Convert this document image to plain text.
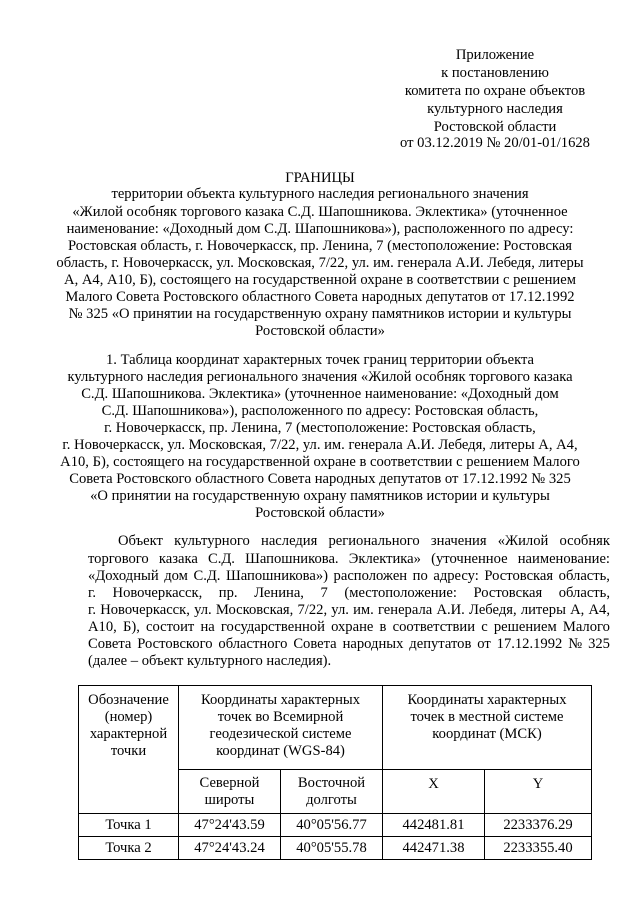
Приложение
к постановлению
комитета по охране объектов
культурного наследия
Ростовской области
от 03.12.2019 № 20/01-01/1628
ГРАНИЦЫ
территории объекта культурного наследия регионального значения
«Жилой особняк торгового казака С.Д. Шапошникова. Эклектика» (уточненное
наименование: «Доходный дом С.Д. Шапошникова»), расположенного по адресу:
Ростовская область, г. Новочеркасск, пр. Ленина, 7 (местоположение: Ростовская
область, г. Новочеркасск, ул. Московская, 7/22, ул. им. генерала А.И. Лебедя, литеры
А, А4, А10, Б), состоящего на государственной охране в соответствии с решением
Малого Совета Ростовского областного Совета народных депутатов от 17.12.1992
№ 325 «О принятии на государственную охрану памятников истории и культуры
Ростовской области»
1. Таблица координат характерных точек границ территории объекта
культурного наследия регионального значения «Жилой особняк торгового казака
С.Д. Шапошникова. Эклектика» (уточненное наименование: «Доходный дом
С.Д. Шапошникова»), расположенного по адресу: Ростовская область,
г. Новочеркасск, пр. Ленина, 7 (местоположение: Ростовская область,
г. Новочеркасск, ул. Московская, 7/22, ул. им. генерала А.И. Лебедя, литеры А, А4,
А10, Б), состоящего на государственной охране в соответствии с решением Малого
Совета Ростовского областного Совета народных депутатов от 17.12.1992 № 325
«О принятии на государственную охрану памятников истории и культуры
Ростовской области»
Объект культурного наследия регионального значения «Жилой особняк
торгового казака С.Д. Шапошникова. Эклектика» (уточненное наименование:
«Доходный дом С.Д. Шапошникова») расположен по адресу: Ростовская область,
г. Новочеркасск, пр. Ленина, 7 (местоположение: Ростовская область,
г. Новочеркасск, ул. Московская, 7/22, ул. им. генерала А.И. Лебедя, литеры А, А4,
А10, Б), состоит на государственной охране в соответствии с решением Малого
Совета Ростовского областного Совета народных депутатов от 17.12.1992 № 325
(далее – объект культурного наследия).
Обозначение
(номер)
характерной
точки	Координаты характерных
точек во Всемирной
геодезической системе
координат (WGS-84)		Координаты характерных
точек в местной системе
координат (МСК)	

	Северной
широты	Восточной
долготы	X	Y
Точка 1	47°24'43.59	40°05'56.77	442481.81	2233376.29
Точка 2	47°24'43.24	40°05'55.78	442471.38	2233355.40
